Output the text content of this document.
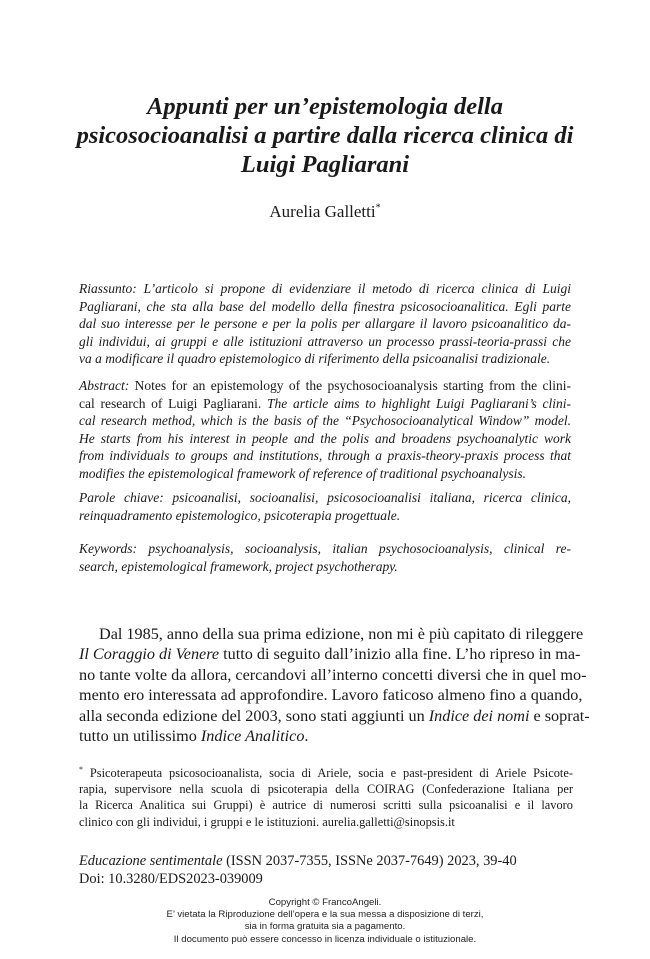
Appunti per un’epistemologia della
psicosocioanalisi a partire dalla ricerca clinica di
Luigi Pagliarani
Aurelia Galletti*
Riassunto: L’articolo si propone di evidenziare il metodo di ricerca clinica di Luigi
Pagliarani, che sta alla base del modello della finestra psicosocioanalitica. Egli parte
dal suo interesse per le persone e per la polis per allargare il lavoro psicoanalitico da-
gli individui, ai gruppi e alle istituzioni attraverso un processo prassi-teoria-prassi che
va a modificare il quadro epistemologico di riferimento della psicoanalisi tradizionale.
Abstract: Notes for an epistemology of the psychosocioanalysis starting from the clini-
cal research of Luigi Pagliarani. The article aims to highlight Luigi Pagliarani’s clini-
cal research method, which is the basis of the “Psychosocioanalytical Window” model.
He starts from his interest in people and the polis and broadens psychoanalytic work
from individuals to groups and institutions, through a praxis-theory-praxis process that
modifies the epistemological framework of reference of traditional psychoanalysis.
Parole chiave: psicoanalisi, socioanalisi, psicosocioanalisi italiana, ricerca clinica,
reinquadramento epistemologico, psicoterapia progettuale.
Keywords: psychoanalysis, socioanalysis, italian psychosocioanalysis, clinical re-
search, epistemological framework, project psychotherapy.
Dal 1985, anno della sua prima edizione, non mi è più capitato di rileggere
Il Coraggio di Venere tutto di seguito dall’inizio alla fine. L’ho ripreso in ma-
no tante volte da allora, cercandovi all’interno concetti diversi che in quel mo-
mento ero interessata ad approfondire. Lavoro faticoso almeno fino a quando,
alla seconda edizione del 2003, sono stati aggiunti un Indice dei nomi e soprat-
tutto un utilissimo Indice Analitico.
* Psicoterapeuta psicosocioanalista, socia di Ariele, socia e past-president di Ariele Psicote-
rapia, supervisore nella scuola di psicoterapia della COIRAG (Confederazione Italiana per
la Ricerca Analitica sui Gruppi) è autrice di numerosi scritti sulla psicoanalisi e il lavoro
clinico con gli individui, i gruppi e le istituzioni. aurelia.galletti@sinopsis.it
Educazione sentimentale (ISSN 2037-7355, ISSNe 2037-7649) 2023, 39-40
Doi: 10.3280/EDS2023-039009
Copyright © FrancoAngeli.
E’ vietata la Riproduzione dell’opera e la sua messa a disposizione di terzi,
sia in forma gratuita sia a pagamento.
Il documento può essere concesso in licenza individuale o istituzionale.
